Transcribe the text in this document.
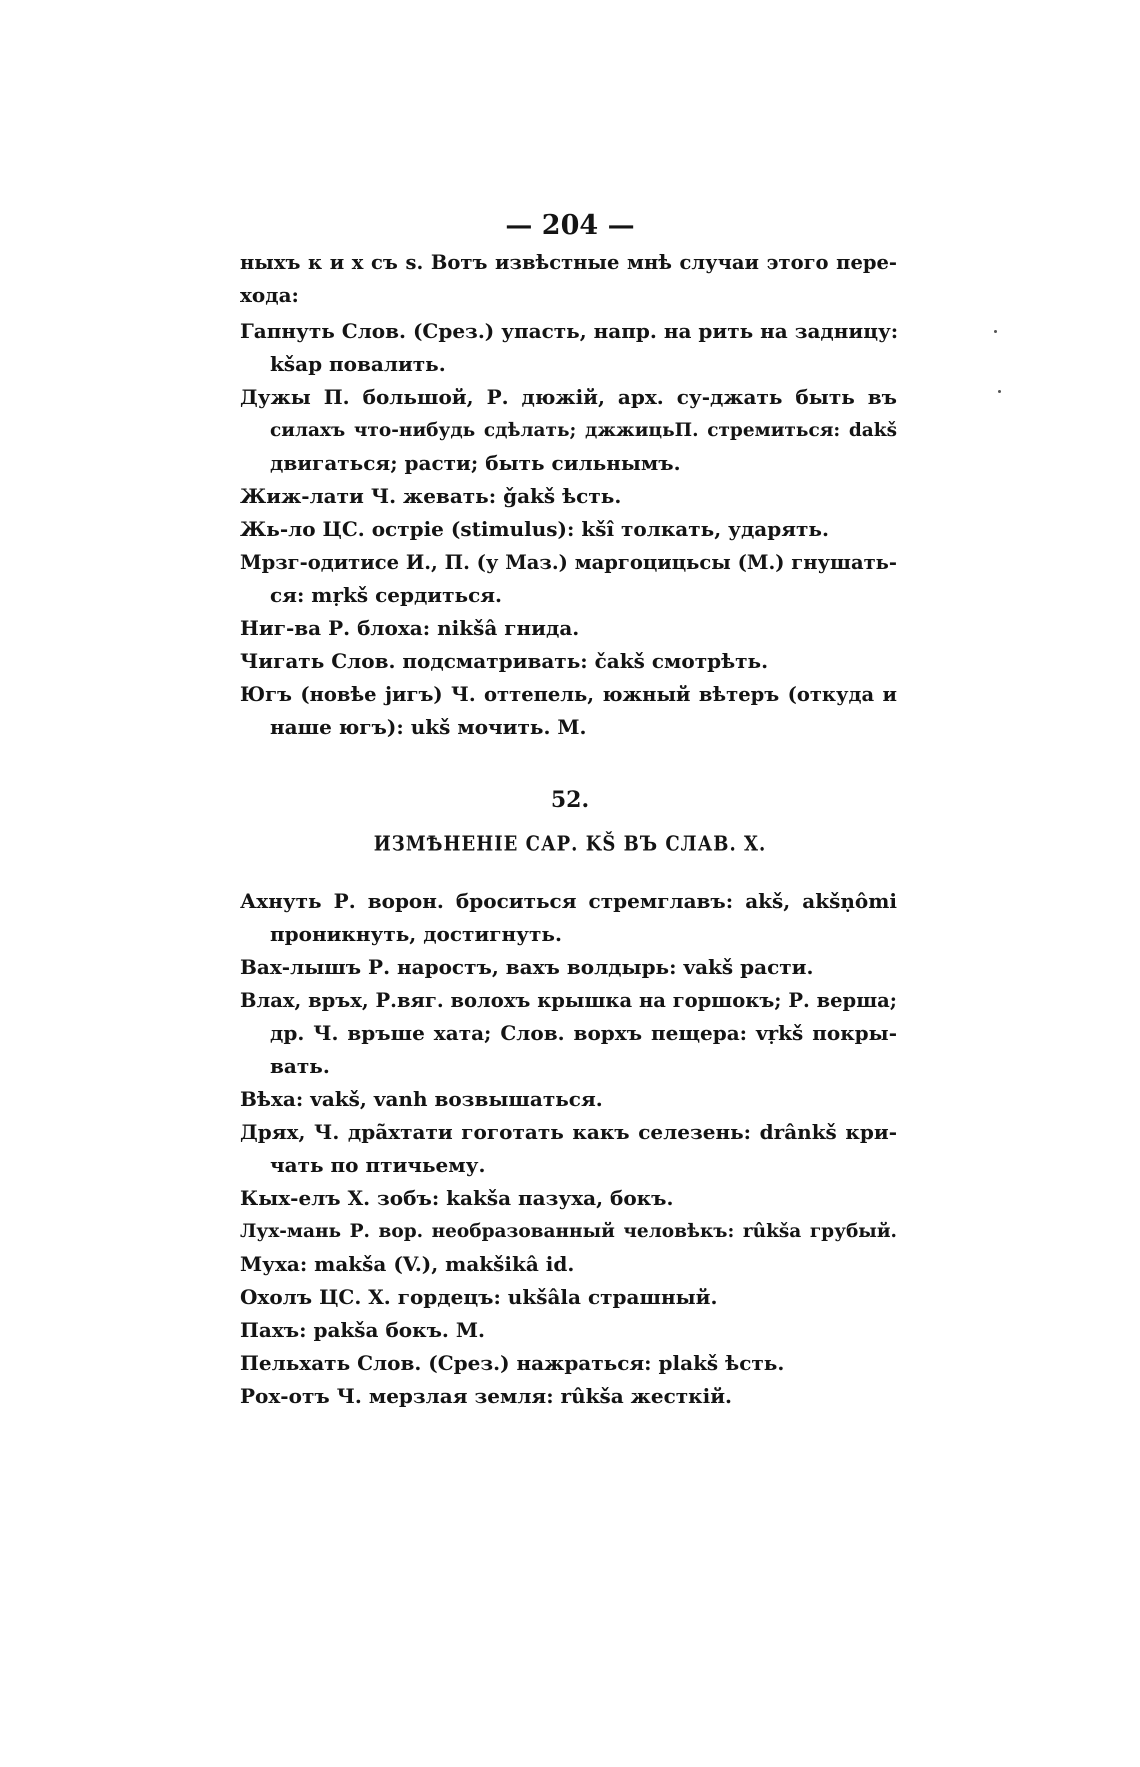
— 204 —
ныхъ к и x съ ѕ. Вотъ извѣстные мнѣ случаи этого пере-
хода:
Гапнуть Слов. (Срез.) упасть, напр. на рить на задницу:
kšap повалить.
Дужы П. большой, Р. дюжій, арх. су-джать быть въ
силахъ что-нибудь сдѣлать; джжицьП. стремиться: dakš
двигаться; расти; быть сильнымъ.
Жиж-лати Ч. жевать: ǧakš ѣсть.
Жь-ло ЦС. остріе (stimulus): kšî толкать, ударять.
Мрзг-одитисе И., П. (у Маз.) маргоцицьсы (М.) гнушать-
ся: mṛkš сердиться.
Ниг-ва Р. блоха: nikšâ гнида.
Чигать Слов. подсматривать: čakš смотрѣть.
Югъ (новѣе jигъ) Ч. оттепель, южный вѣтеръ (откуда и
наше югъ): ukš мочить. М.
52.
ИЗМѢНЕНІЕ САР. KŠ ВЪ СЛАВ. X.
Ахнуть Р. ворон. броситься стремглавъ: akš, akšṇômi
проникнуть, достигнуть.
Вах-лышъ Р. наростъ, вахъ волдырь: vakš расти.
Влах, връх, Р.вяг. волохъ крышка на горшокъ; Р. верша;
др. Ч. връше хата; Слов. ворхъ пещера: vṛkš покры-
вать.
Вѣха: vakš, vanh возвышаться.
Дрях, Ч. дрãхтати гоготать какъ селезень: drânkš кри-
чать по птичьему.
Кых-елъ Х. зобъ: kakša пазуха, бокъ.
Лух-мань Р. вор. необразованный человѣкъ: rûkša грубый.
Муха: makša (V.), makšikâ id.
Охолъ ЦС. Х. гордецъ: ukšâla страшный.
Пахъ: pakša бокъ. М.
Пельхать Слов. (Срез.) нажраться: plakš ѣсть.
Рох-отъ Ч. мерзлая земля: rûkša жесткій.
